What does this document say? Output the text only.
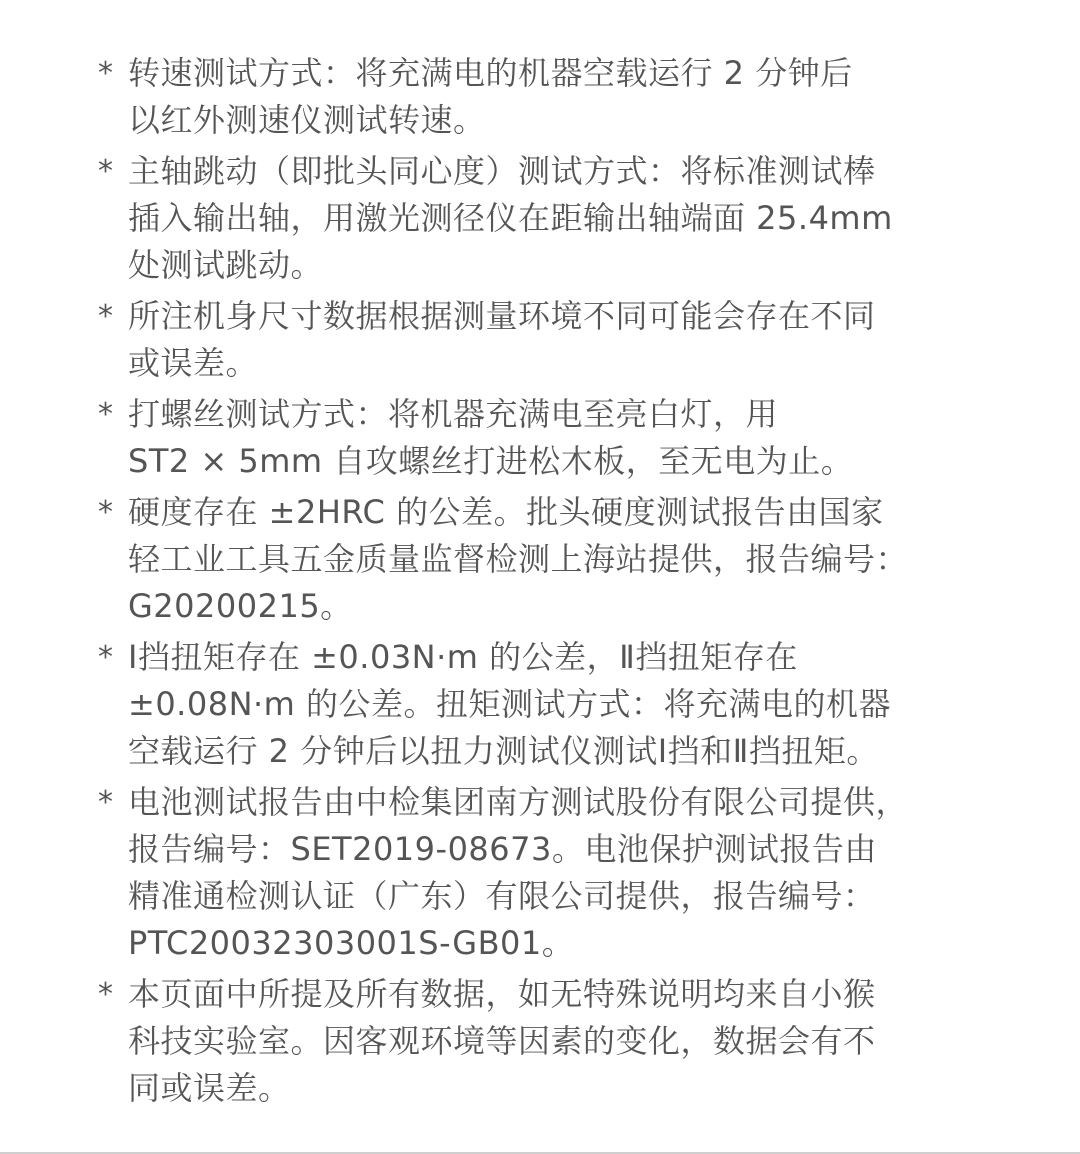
* 转速测试方式：将充满电的机器空载运行 2 分钟后
以红外测速仪测试转速。
* 主轴跳动（即批头同心度）测试方式：将标准测试棒
插入输出轴，用激光测径仪在距输出轴端面 25.4mm
处测试跳动。
* 所注机身尺寸数据根据测量环境不同可能会存在不同
或误差。
* 打螺丝测试方式：将机器充满电至亮白灯，用
ST2 × 5mm 自攻螺丝打进松木板，至无电为止。
* 硬度存在 ±2HRC 的公差。批头硬度测试报告由国家
轻工业工具五金质量监督检测上海站提供，报告编号：
G20200215。
* Ⅰ挡扭矩存在 ±0.03N·m 的公差，Ⅱ挡扭矩存在
±0.08N·m 的公差。扭矩测试方式：将充满电的机器
空载运行 2 分钟后以扭力测试仪测试Ⅰ挡和Ⅱ挡扭矩。
* 电池测试报告由中检集团南方测试股份有限公司提供，
报告编号：SET2019-08673。电池保护测试报告由
精准通检测认证（广东）有限公司提供，报告编号：
PTC20032303001S-GB01。
* 本页面中所提及所有数据，如无特殊说明均来自小猴
科技实验室。因客观环境等因素的变化，数据会有不
同或误差。
